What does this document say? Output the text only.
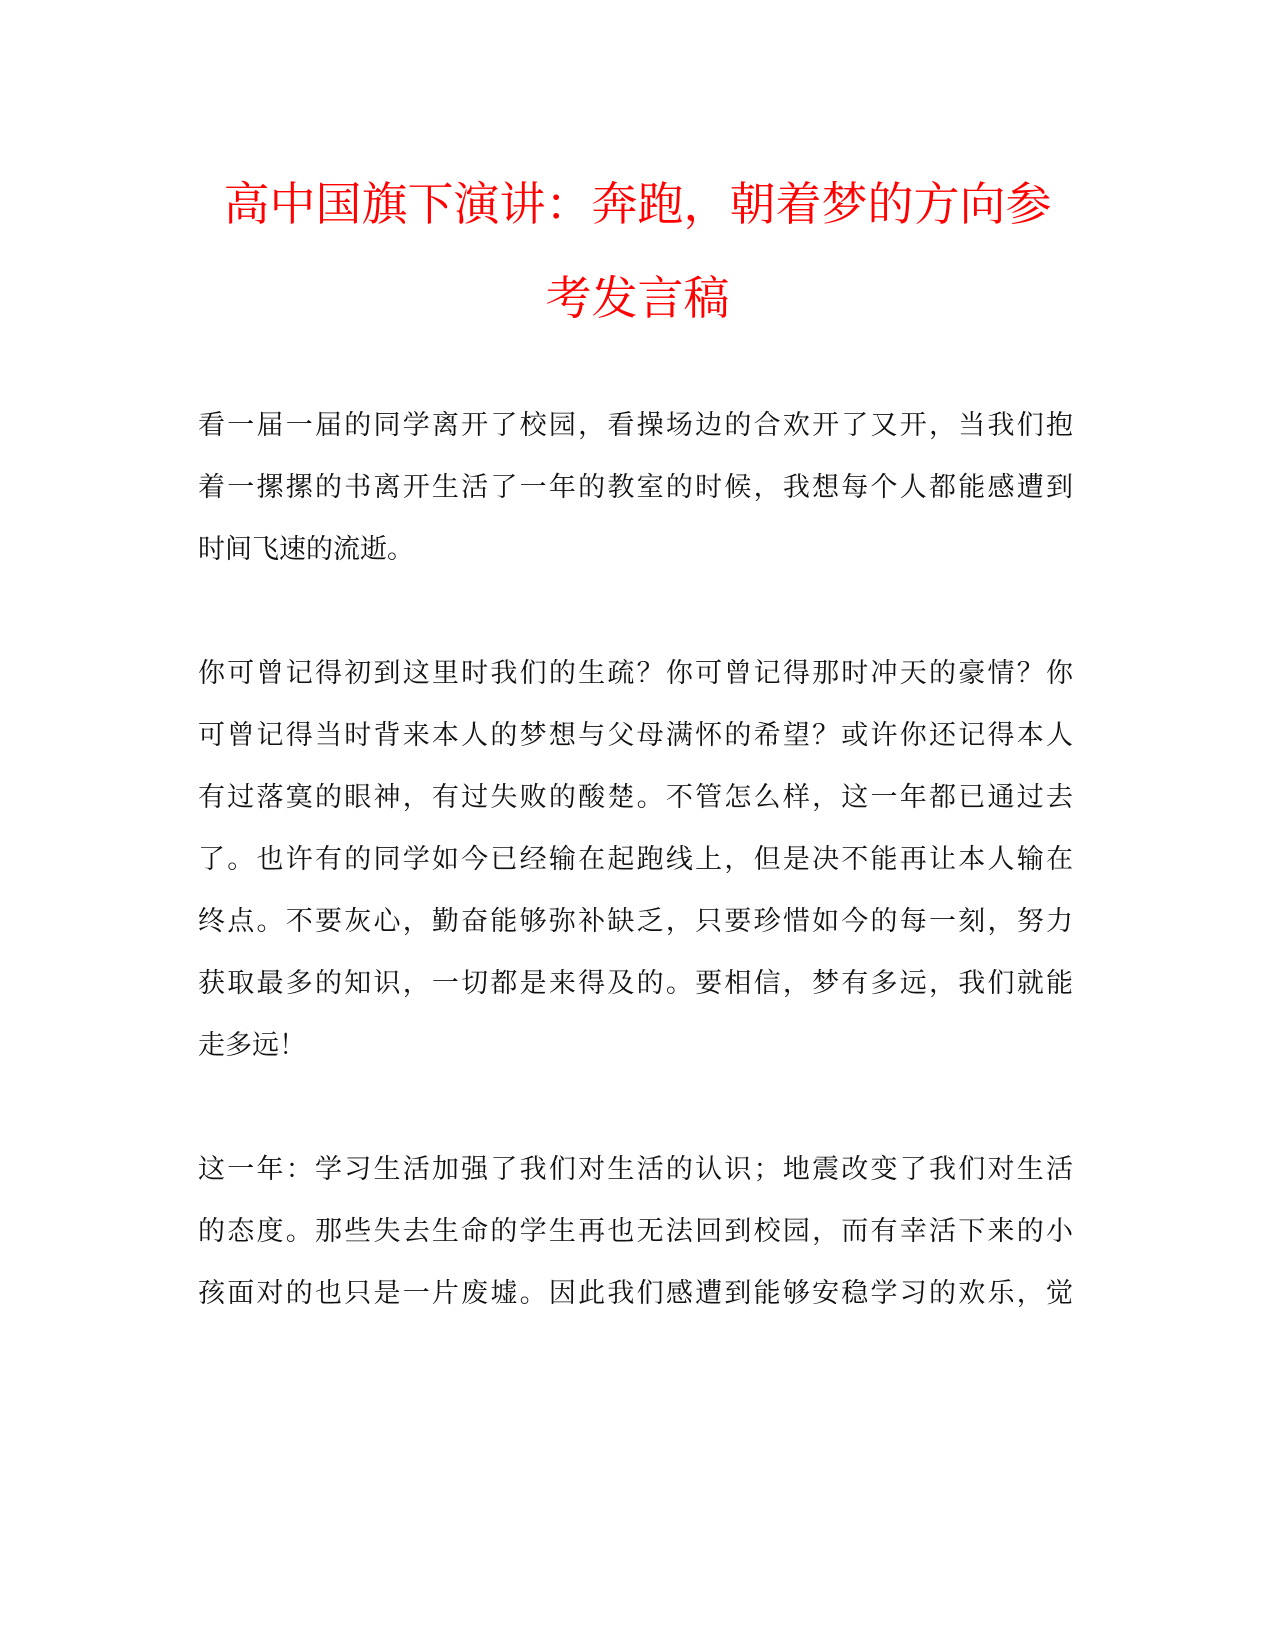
高中国旗下演讲：奔跑，朝着梦的方向参
考发言稿
看一届一届的同学离开了校园，看操场边的合欢开了又开，当我们抱
着一摞摞的书离开生活了一年的教室的时候，我想每个人都能感遭到
时间飞速的流逝。
你可曾记得初到这里时我们的生疏？你可曾记得那时冲天的豪情？你
可曾记得当时背来本人的梦想与父母满怀的希望？或许你还记得本人
有过落寞的眼神，有过失败的酸楚。不管怎么样，这一年都已通过去
了。也许有的同学如今已经输在起跑线上，但是决不能再让本人输在
终点。不要灰心，勤奋能够弥补缺乏，只要珍惜如今的每一刻，努力
获取最多的知识，一切都是来得及的。要相信，梦有多远，我们就能
走多远！
这一年：学习生活加强了我们对生活的认识；地震改变了我们对生活
的态度。那些失去生命的学生再也无法回到校园，而有幸活下来的小
孩面对的也只是一片废墟。因此我们感遭到能够安稳学习的欢乐，觉
